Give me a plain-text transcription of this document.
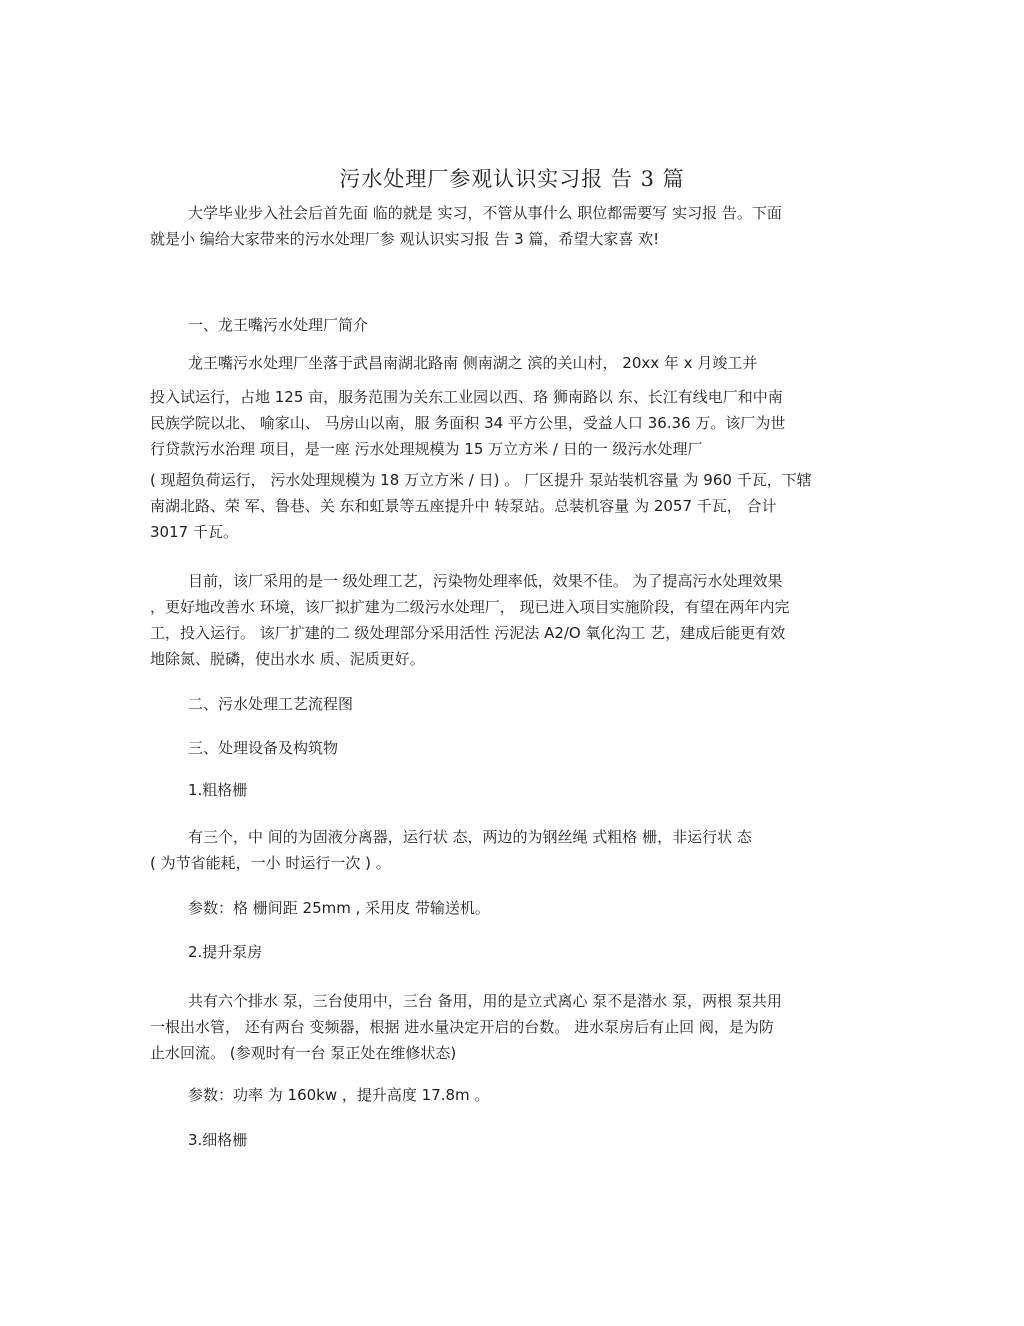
污水处理厂参观认识实习报 告 3 篇

大学毕业步入社会后首先面 临的就是 实习，不管从事什么 职位都需要写 实习报 告。下面

就是小 编给大家带来的污水处理厂参 观认识实习报 告 3 篇，希望大家喜 欢!

一、龙王嘴污水处理厂简介

龙王嘴污水处理厂坐落于武昌南湖北路南 侧南湖之 滨的关山村， 20xx 年 x 月竣工并

投入试运行，占地 125 亩，服务范围为关东工业园以西、珞 狮南路以 东、长江有线电厂和中南

民族学院以北、 喻家山、 马房山以南，服 务面积 34 平方公里，受益人口 36.36 万。该厂为世

行贷款污水治理 项目，是一座 污水处理规模为 15 万立方米 / 日的一 级污水处理厂

( 现超负荷运行， 污水处理规模为 18 万立方米 / 日) 。 厂区提升 泵站装机容量 为 960 千瓦，下辖

南湖北路、荣 军、鲁巷、关 东和虹景等五座提升中 转泵站。总装机容量 为 2057 千瓦， 合计

3017 千瓦。

目前，该厂采用的是一 级处理工艺，污染物处理率低，效果不佳。 为了提高污水处理效果

，更好地改善水 环境，该厂拟扩建为二级污水处理厂， 现已进入项目实施阶段，有望在两年内完

工，投入运行。 该厂扩建的二 级处理部分采用活性 污泥法 A2/O 氧化沟工 艺，建成后能更有效

地除氮、脱磷，使出水水 质、泥质更好。

二、污水处理工艺流程图

三、处理设备及构筑物

1.粗格栅

有三个，中 间的为固液分离器，运行状 态，两边的为钢丝绳 式粗格 栅，非运行状 态

( 为节省能耗，一小 时运行一次 ) 。

参数：格 栅间距 25mm , 采用皮 带输送机。

2.提升泵房

共有六个排水 泵，三台使用中，三台 备用，用的是立式离心 泵不是潜水 泵，两根 泵共用

一根出水管， 还有两台 变频器，根据 进水量决定开启的台数。 进水泵房后有止回 阀，是为防

止水回流。 (参观时有一台 泵正处在维修状态)

参数：功率 为 160kw ，提升高度 17.8m 。

3.细格栅
